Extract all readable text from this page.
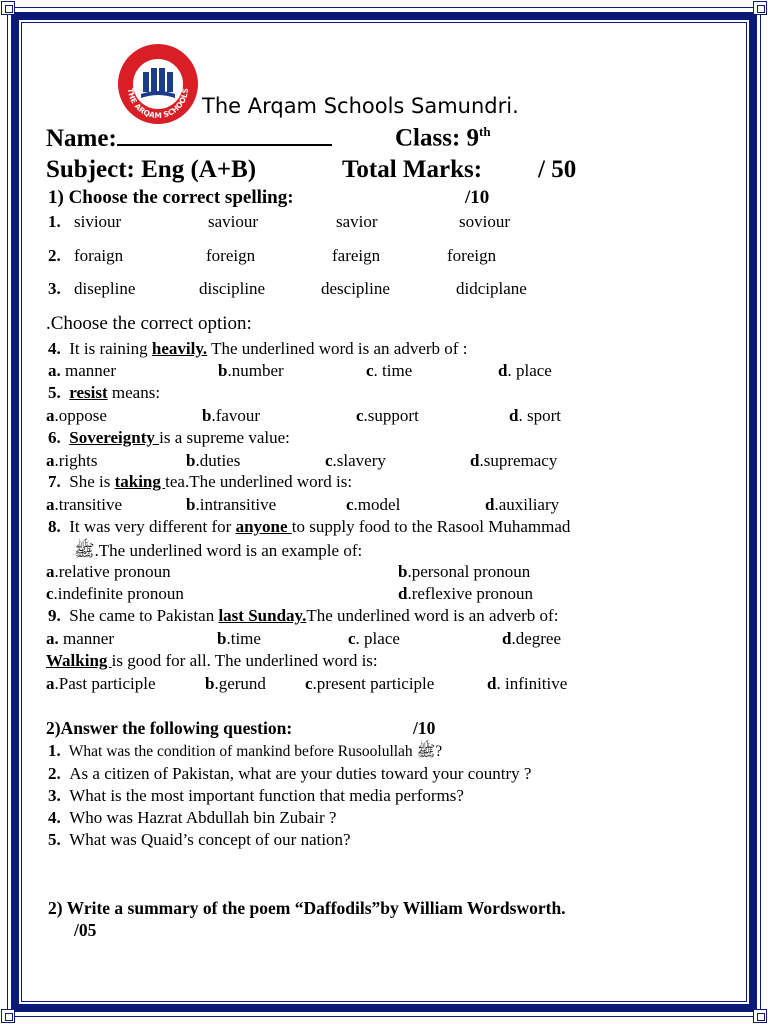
THE ARQAM SCHOOLS
The Arqam Schools Samundri.
Name:	Class: 9th
Subject: Eng (A+B)	Total Marks: / 50
1) Choose the correct spelling:	/10
1. siviour	saviour	savior	soviour
2. foraign	foreign	fareign	foreign
3. disepline	discipline	descipline	didciplane
.Choose the correct option:
4. It is raining heavily. The underlined word is an adverb of :
a. manner	b.number	c. time	d. place
5. resist means:
a.oppose	b.favour	c.support	d. sport
6. Sovereignty is a supreme value:
a.rights	b.duties	c.slavery	d.supremacy
7. She is taking tea.The underlined word is:
a.transitive	b.intransitive	c.model	d.auxiliary
8. It was very different for anyone to supply food to the Rasool Muhammad
ﷺ.The underlined word is an example of:
a.relative pronoun	b.personal pronoun
c.indefinite pronoun	d.reflexive pronoun
9. She came to Pakistan last Sunday.The underlined word is an adverb of:
a. manner	b.time	c. place	d.degree
Walking is good for all. The underlined word is:
a.Past participle	b.gerund c.present participle	d. infinitive
2)Answer the following question:	/10
1. What was the condition of mankind before Rusoolullah ﷺ?
2. As a citizen of Pakistan, what are your duties toward your country ?
3. What is the most important function that media performs?
4. Who was Hazrat Abdullah bin Zubair ?
5. What was Quaid’s concept of our nation?
2) Write a summary of the poem “Daffodils”by William Wordsworth.
/05
